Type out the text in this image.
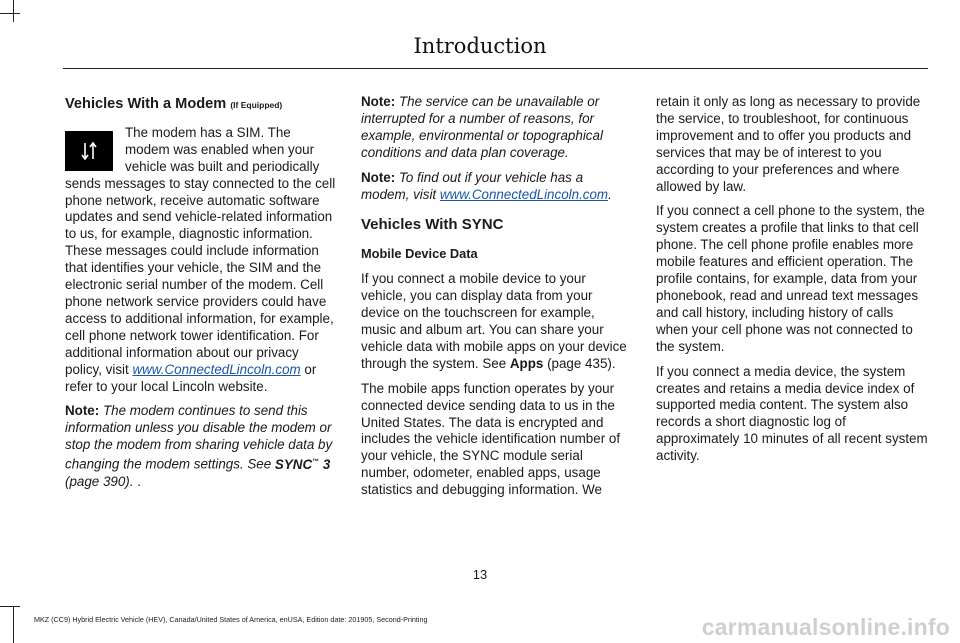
Introduction
Vehicles With a Modem (If Equipped)

The modem has a SIM. The modem was enabled when your vehicle was built and periodically sends messages to stay connected to the cell phone network, receive automatic software updates and send vehicle-related information to us, for example, diagnostic information. These messages could include information that identifies your vehicle, the SIM and the electronic serial number of the modem. Cell phone network service providers could have access to additional information, for example, cell phone network tower identification. For additional information about our privacy policy, visit www.ConnectedLincoln.com or refer to your local Lincoln website.

Note: The modem continues to send this information unless you disable the modem or stop the modem from sharing vehicle data by changing the modem settings. See SYNC™ 3 (page 390). .

Note: The service can be unavailable or interrupted for a number of reasons, for example, environmental or topographical conditions and data plan coverage.

Note: To find out if your vehicle has a modem, visit www.ConnectedLincoln.com.

Vehicles With SYNC
Mobile Device Data

If you connect a mobile device to your vehicle, you can display data from your device on the touchscreen for example, music and album art. You can share your vehicle data with mobile apps on your device through the system. See Apps (page 435).

The mobile apps function operates by your connected device sending data to us in the United States. The data is encrypted and includes the vehicle identification number of your vehicle, the SYNC module serial number, odometer, enabled apps, usage statistics and debugging information. We

retain it only as long as necessary to provide the service, to troubleshoot, for continuous improvement and to offer you products and services that may be of interest to you according to your preferences and where allowed by law.

If you connect a cell phone to the system, the system creates a profile that links to that cell phone. The cell phone profile enables more mobile features and efficient operation. The profile contains, for example, data from your phonebook, read and unread text messages and call history, including history of calls when your cell phone was not connected to the system.

If you connect a media device, the system creates and retains a media device index of supported media content. The system also records a short diagnostic log of approximately 10 minutes of all recent system activity.

13
MKZ (CC9) Hybrid Electric Vehicle (HEV), Canada/United States of America, enUSA, Edition date: 201905, Second-Printing	carmanualsonline.info
